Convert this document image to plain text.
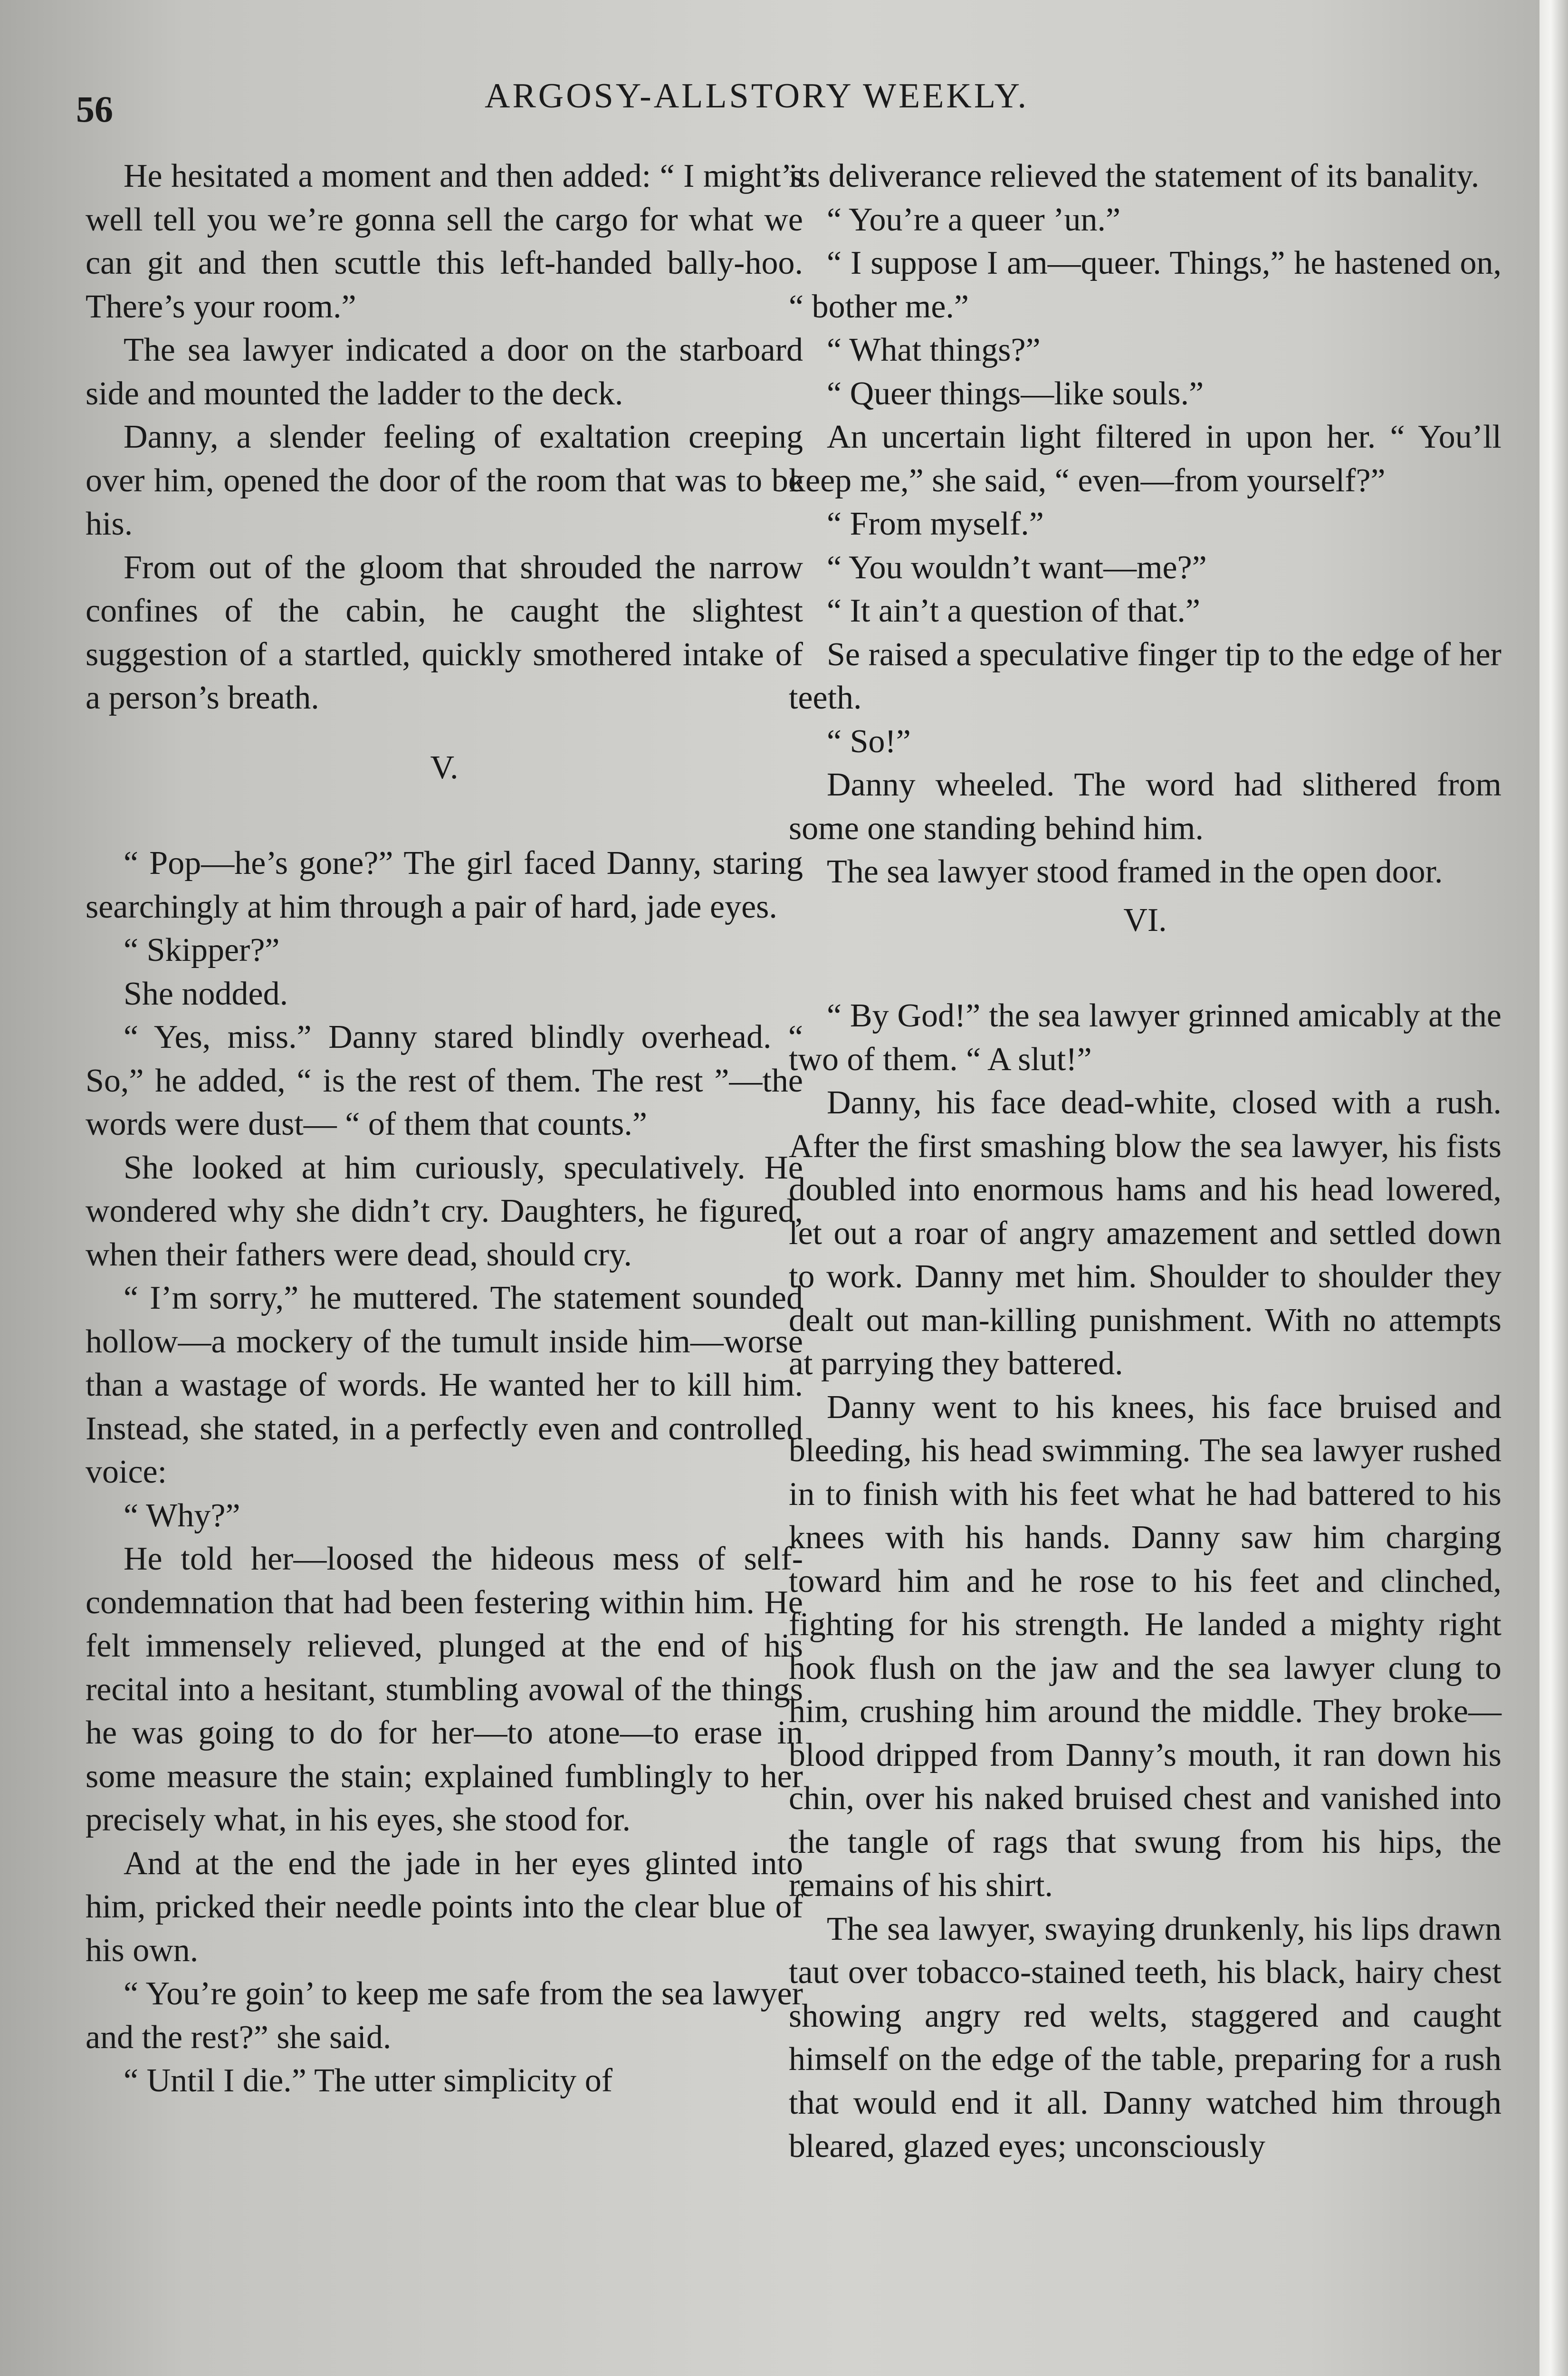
56	ARGOSY-ALLSTORY WEEKLY.

He hesitated a moment and then added: “ I might’s well tell you we’re gonna sell the cargo for what we can git and then scuttle this left-handed bally-hoo. There’s your room.”

The sea lawyer indicated a door on the starboard side and mounted the ladder to the deck.

Danny, a slender feeling of exaltation creeping over him, opened the door of the room that was to be his.

From out of the gloom that shrouded the narrow confines of the cabin, he caught the slightest suggestion of a startled, quickly smothered intake of a person’s breath.

V.

“ Pop—he’s gone?” The girl faced Danny, staring searchingly at him through a pair of hard, jade eyes.

“ Skipper?”

She nodded.

“ Yes, miss.” Danny stared blindly overhead. “ So,” he added, “ is the rest of them. The rest ”—the words were dust— “ of them that counts.”

She looked at him curiously, speculatively. He wondered why she didn’t cry. Daughters, he figured, when their fathers were dead, should cry.

“ I’m sorry,” he muttered. The statement sounded hollow—a mockery of the tumult inside him—worse than a wastage of words. He wanted her to kill him. Instead, she stated, in a perfectly even and controlled voice:

“ Why?”

He told her—loosed the hideous mess of self-condemnation that had been festering within him. He felt immensely relieved, plunged at the end of his recital into a hesitant, stumbling avowal of the things he was going to do for her—to atone—to erase in some measure the stain; explained fumblingly to her precisely what, in his eyes, she stood for.

And at the end the jade in her eyes glinted into him, pricked their needle points into the clear blue of his own.

“ You’re goin’ to keep me safe from the sea lawyer and the rest?” she said.

“ Until I die.” The utter simplicity of

its deliverance relieved the statement of its banality.

“ You’re a queer ’un.”

“ I suppose I am—queer. Things,” he hastened on, “ bother me.”

“ What things?”

“ Queer things—like souls.”

An uncertain light filtered in upon her. “ You’ll keep me,” she said, “ even—from yourself?”

“ From myself.”

“ You wouldn’t want—me?”

“ It ain’t a question of that.”

Se raised a speculative finger tip to the edge of her teeth.

“ So!”

Danny wheeled. The word had slithered from some one standing behind him.

The sea lawyer stood framed in the open door.

VI.

“ By God!” the sea lawyer grinned amicably at the two of them. “ A slut!”

Danny, his face dead-white, closed with a rush. After the first smashing blow the sea lawyer, his fists doubled into enormous hams and his head lowered, let out a roar of angry amazement and settled down to work. Danny met him. Shoulder to shoulder they dealt out man-killing punishment. With no attempts at parrying they battered.

Danny went to his knees, his face bruised and bleeding, his head swimming. The sea lawyer rushed in to finish with his feet what he had battered to his knees with his hands. Danny saw him charging toward him and he rose to his feet and clinched, fighting for his strength. He landed a mighty right hook flush on the jaw and the sea lawyer clung to him, crushing him around the middle. They broke—blood dripped from Danny’s mouth, it ran down his chin, over his naked bruised chest and vanished into the tangle of rags that swung from his hips, the remains of his shirt.

The sea lawyer, swaying drunkenly, his lips drawn taut over tobacco-stained teeth, his black, hairy chest showing angry red welts, staggered and caught himself on the edge of the table, preparing for a rush that would end it all. Danny watched him through bleared, glazed eyes; unconsciously
